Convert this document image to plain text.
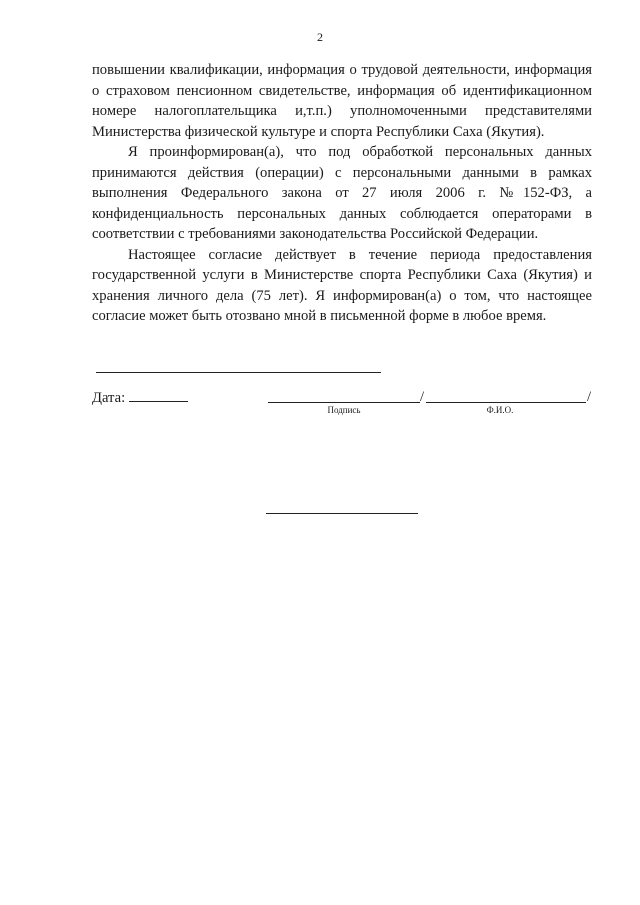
2

повышении квалификации, информация о трудовой деятельности, информация о страховом пенсионном свидетельстве, информация об идентификационном номере налогоплательщика и,т.п.) уполномоченными представителями Министерства физической культуре и спорта Республики Саха (Якутия).

Я проинформирован(а), что под обработкой персональных данных принимаются действия (операции) с персональными данными в рамках выполнения Федерального закона от 27 июля 2006 г. №152-ФЗ, а конфиденциальность персональных данных соблюдается операторами в соответствии с требованиями законодательства Российской Федерации.

Настоящее согласие действует в течение периода предоставления государственной услуги в Министерстве спорта Республики Саха (Якутия) и хранения личного дела (75 лет). Я информирован(а) о том, что настоящее согласие может быть отозвано мной в письменной форме в любое время.

Дата:	/	/
Подпись	Ф.И.О.
